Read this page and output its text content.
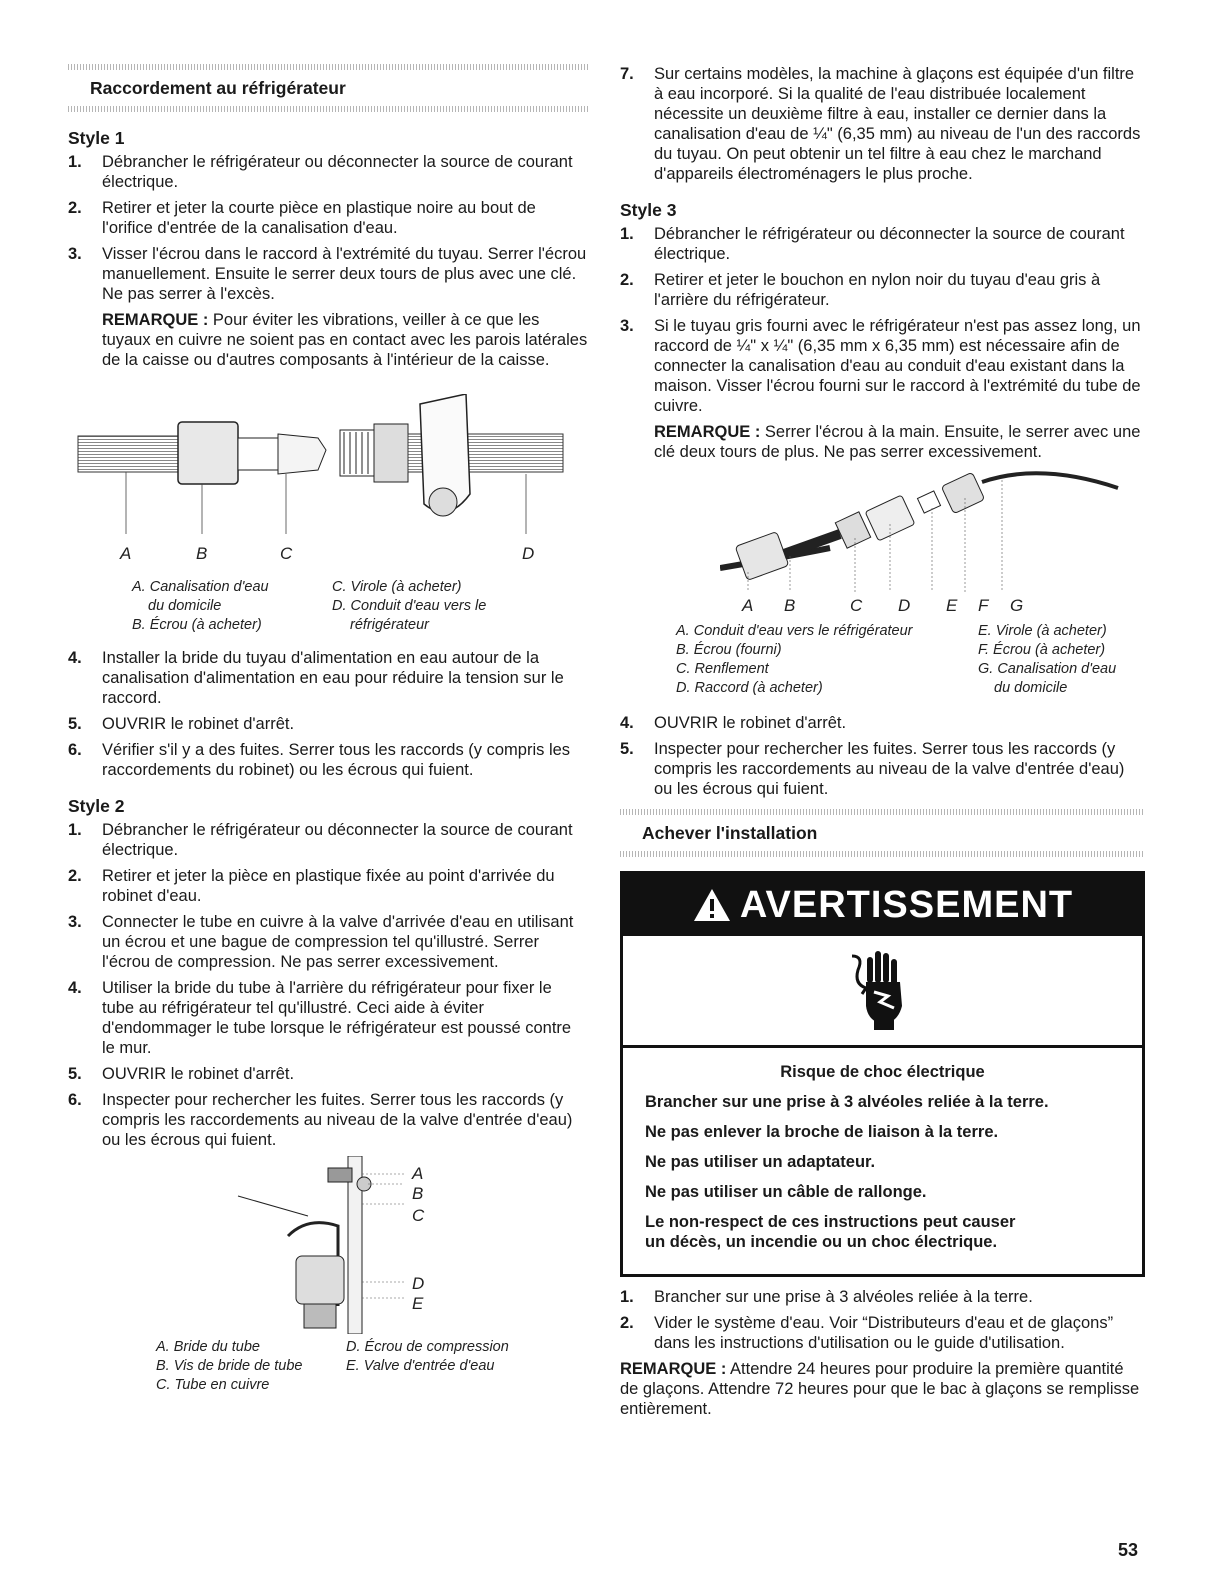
Raccordement au réfrigérateur
Style 1
1. Débrancher le réfrigérateur ou déconnecter la source de courant électrique.
2. Retirer et jeter la courte pièce en plastique noire au bout de l'orifice d'entrée de la canalisation d'eau.
3. Visser l'écrou dans le raccord à l'extrémité du tuyau. Serrer l'écrou manuellement. Ensuite le serrer deux tours de plus avec une clé. Ne pas serrer à l'excès.
REMARQUE : Pour éviter les vibrations, veiller à ce que les tuyaux en cuivre ne soient pas en contact avec les parois latérales de la caisse ou d'autres composants à l'intérieur de la caisse.
A	B	C	D
A. Canalisation d'eau
du domicile
B. Écrou (à acheter)
C. Virole (à acheter)
D. Conduit d'eau vers le
réfrigérateur
4. Installer la bride du tuyau d'alimentation en eau autour de la canalisation d'alimentation en eau pour réduire la tension sur le raccord.
5. OUVRIR le robinet d'arrêt.
6. Vérifier s'il y a des fuites. Serrer tous les raccords (y compris les raccordements du robinet) ou les écrous qui fuient.
Style 2
1. Débrancher le réfrigérateur ou déconnecter la source de courant électrique.
2. Retirer et jeter la pièce en plastique fixée au point d'arrivée du robinet d'eau.
3. Connecter le tube en cuivre à la valve d'arrivée d'eau en utilisant un écrou et une bague de compression tel qu'illustré. Serrer l'écrou de compression. Ne pas serrer excessivement.
4. Utiliser la bride du tube à l'arrière du réfrigérateur pour fixer le tube au réfrigérateur tel qu'illustré. Ceci aide à éviter d'endommager le tube lorsque le réfrigérateur est poussé contre le mur.
5. OUVRIR le robinet d'arrêt.
6. Inspecter pour rechercher les fuites. Serrer tous les raccords (y compris les raccordements au niveau de la valve d'entrée d'eau) ou les écrous qui fuient.
A
B
C
D
E
A. Bride du tube
B. Vis de bride de tube
C. Tube en cuivre
D. Écrou de compression
E. Valve d'entrée d'eau
7. Sur certains modèles, la machine à glaçons est équipée d'un filtre à eau incorporé. Si la qualité de l'eau distribuée localement nécessite un deuxième filtre à eau, installer ce dernier dans la canalisation d'eau de ¼" (6,35 mm) au niveau de l'un des raccords du tuyau. On peut obtenir un tel filtre à eau chez le marchand d'appareils électroménagers le plus proche.
Style 3
1. Débrancher le réfrigérateur ou déconnecter la source de courant électrique.
2. Retirer et jeter le bouchon en nylon noir du tuyau d'eau gris à l'arrière du réfrigérateur.
3. Si le tuyau gris fourni avec le réfrigérateur n'est pas assez long, un raccord de ¼" x ¼" (6,35 mm x 6,35 mm) est nécessaire afin de connecter la canalisation d'eau au conduit d'eau existant dans la maison. Visser l'écrou fourni sur le raccord à l'extrémité du tube de cuivre.
REMARQUE : Serrer l'écrou à la main. Ensuite, le serrer avec une clé deux tours de plus. Ne pas serrer excessivement.
A B	C D E F G
A. Conduit d'eau vers le réfrigérateur
B. Écrou (fourni)
C. Renflement
D. Raccord (à acheter)
E. Virole (à acheter)
F. Écrou (à acheter)
G. Canalisation d'eau
du domicile
4. OUVRIR le robinet d'arrêt.
5. Inspecter pour rechercher les fuites. Serrer tous les raccords (y compris les raccordements au niveau de la valve d'entrée d'eau) ou les écrous qui fuient.
Achever l'installation
AVERTISSEMENT
Risque de choc électrique
Brancher sur une prise à 3 alvéoles reliée à la terre.
Ne pas enlever la broche de liaison à la terre.
Ne pas utiliser un adaptateur.
Ne pas utiliser un câble de rallonge.
Le non-respect de ces instructions peut causer
un décès, un incendie ou un choc électrique.
1. Brancher sur une prise à 3 alvéoles reliée à la terre.
2. Vider le système d'eau. Voir “Distributeurs d'eau et de glaçons” dans les instructions d'utilisation ou le guide d'utilisation.
REMARQUE : Attendre 24 heures pour produire la première quantité de glaçons. Attendre 72 heures pour que le bac à glaçons se remplisse entièrement.
53
